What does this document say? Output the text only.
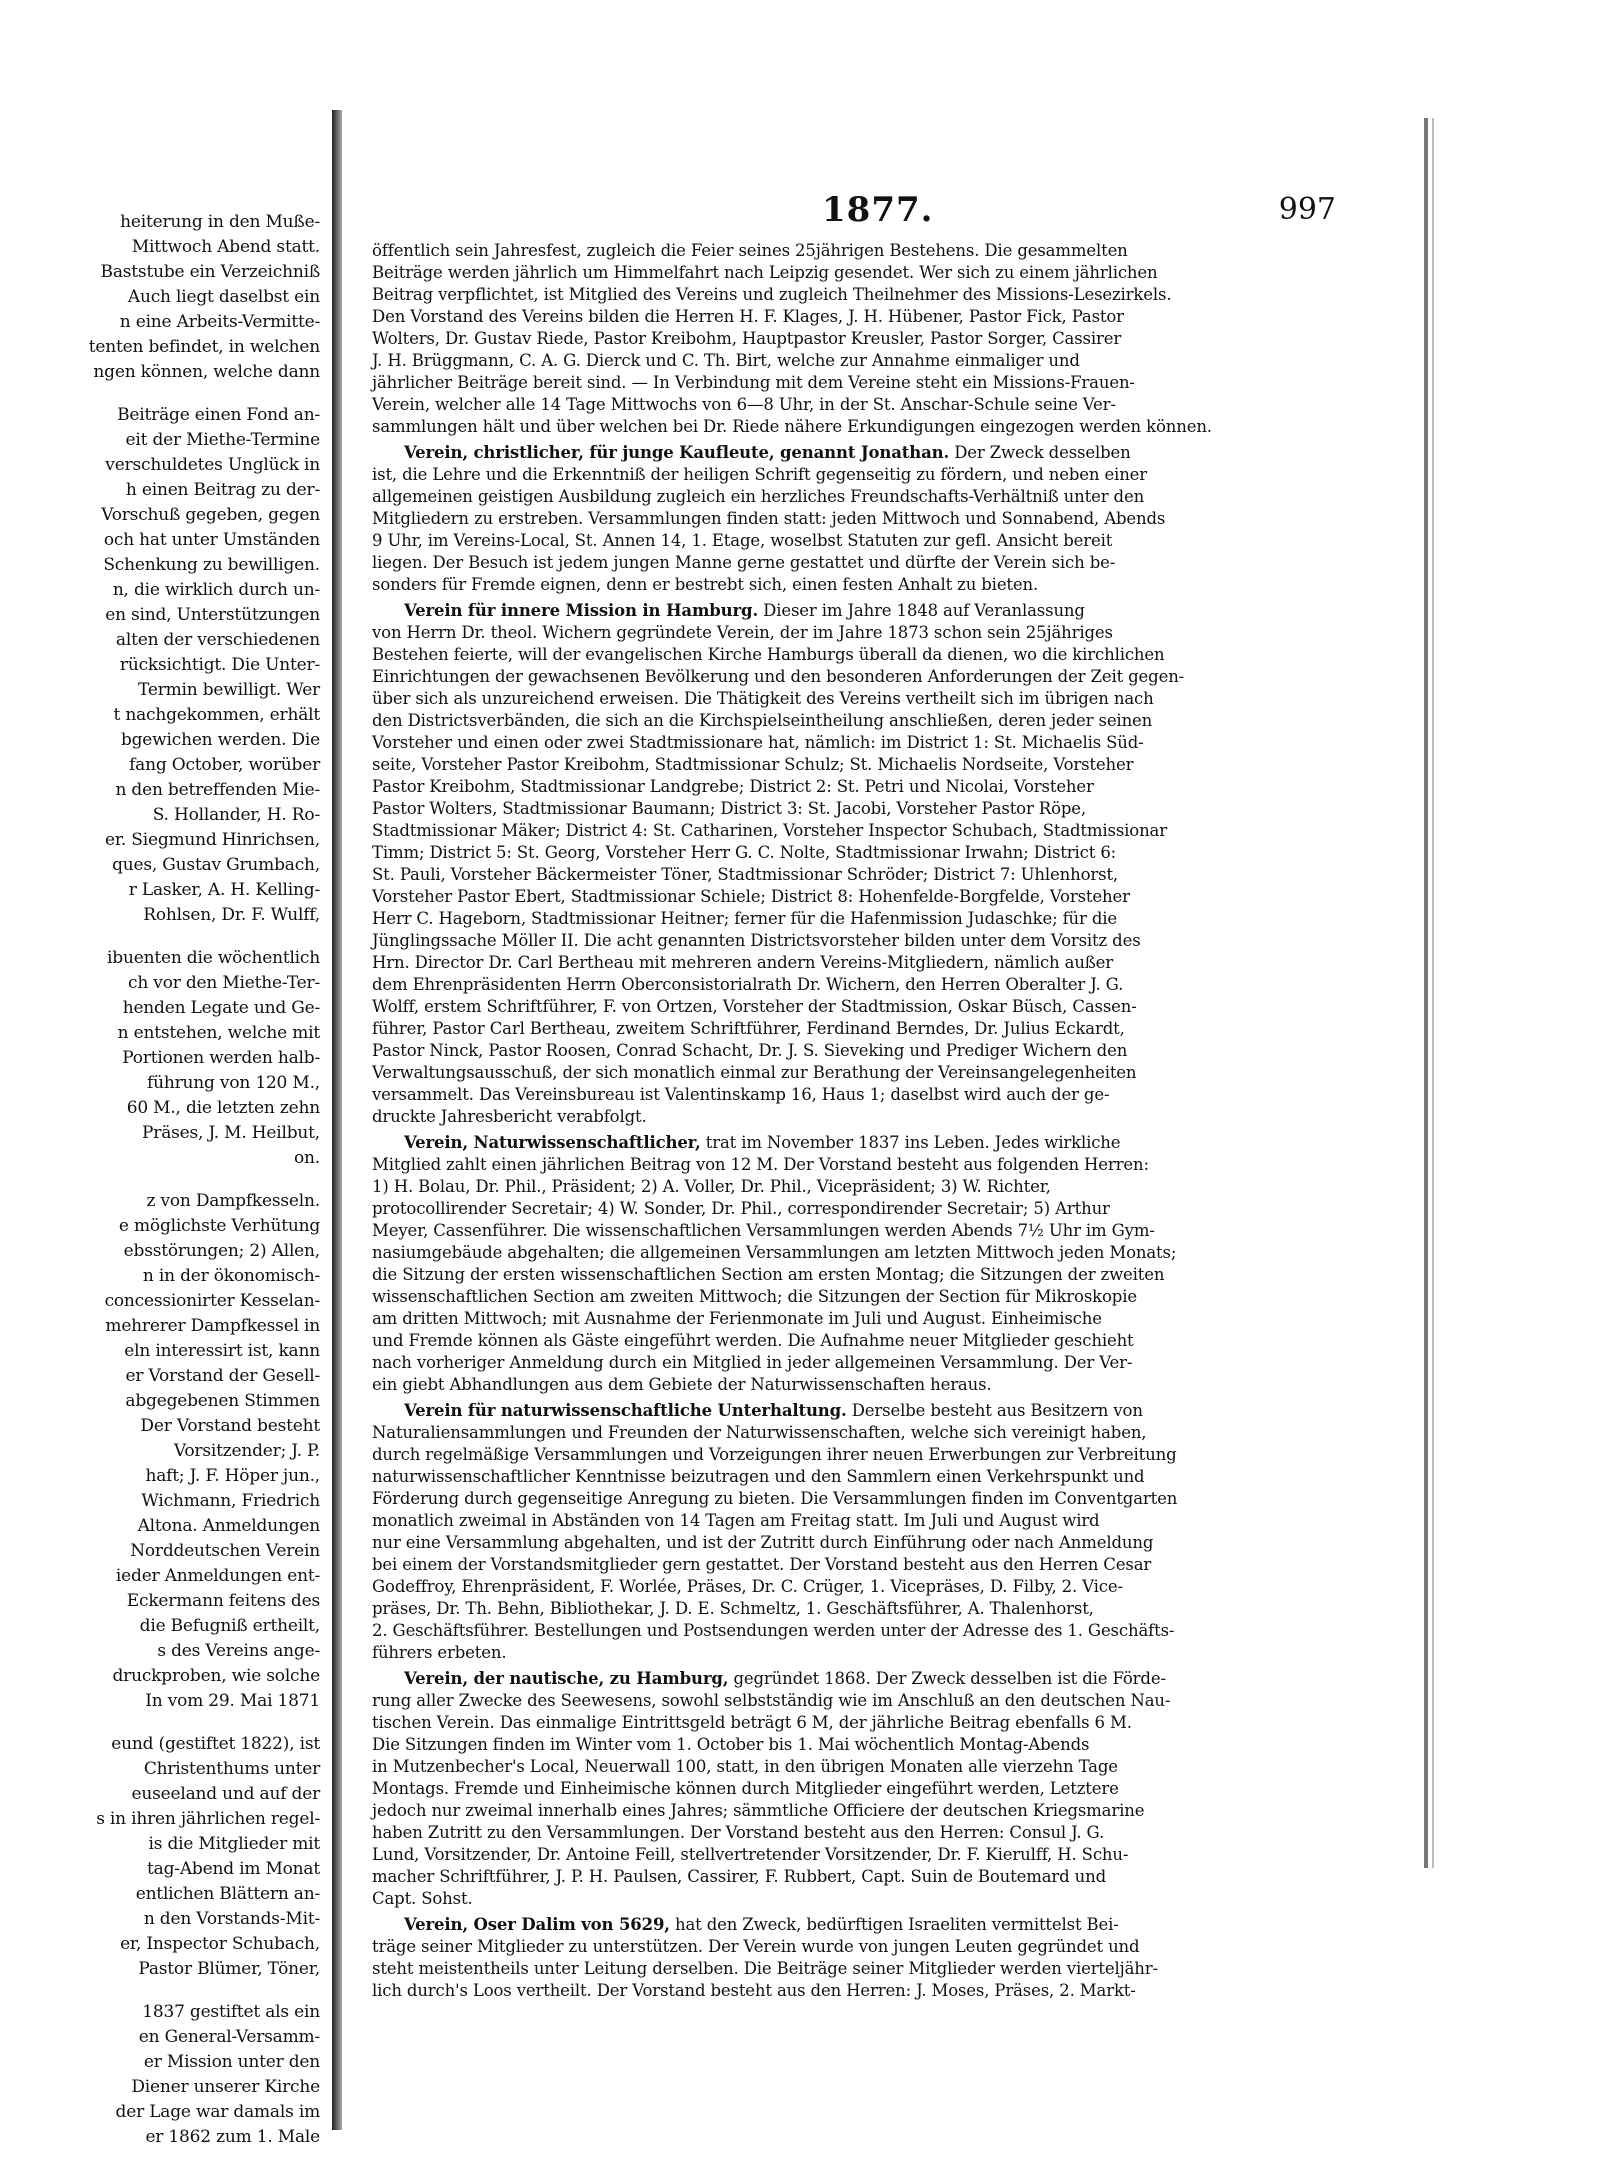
heiterung in den Muße-
Mittwoch Abend statt.
Baststube ein Verzeichniß
Auch liegt daselbst ein
n eine Arbeits-Vermitte-
tenten befindet, in welchen
ngen können, welche dann
Beiträge einen Fond an-
eit der Miethe-Termine
verschuldetes Unglück in
h einen Beitrag zu der-
Vorschuß gegeben, gegen
och hat unter Umständen
Schenkung zu bewilligen.
n, die wirklich durch un-
en sind, Unterstützungen
alten der verschiedenen
rücksichtigt. Die Unter-
Termin bewilligt. Wer
t nachgekommen, erhält
bgewichen werden. Die
fang October, worüber
n den betreffenden Mie-
S. Hollander, H. Ro-
er. Siegmund Hinrichsen,
ques, Gustav Grumbach,
r Lasker, A. H. Kelling-
Rohlsen, Dr. F. Wulff,
ibuenten die wöchentlich
ch vor den Miethe-Ter-
henden Legate und Ge-
n entstehen, welche mit
Portionen werden halb-
führung von 120 M.,
60 M., die letzten zehn
Präses, J. M. Heilbut,
on.
z von Dampfkesseln.
e möglichste Verhütung
ebsstörungen; 2) Allen,
n in der ökonomisch-
concessionirter Kesselan-
mehrerer Dampfkessel in
eln interessirt ist, kann
er Vorstand der Gesell-
abgegebenen Stimmen
Der Vorstand besteht
Vorsitzender; J. P.
haft; J. F. Höper jun.,
Wichmann, Friedrich
Altona. Anmeldungen
Norddeutschen Verein
ieder Anmeldungen ent-
Eckermann feitens des
die Befugniß ertheilt,
s des Vereins ange-
druckproben, wie solche
In vom 29. Mai 1871
eund (gestiftet 1822), ist
Christenthums unter
euseeland und auf der
s in ihren jährlichen regel-
is die Mitglieder mit
tag-Abend im Monat
entlichen Blättern an-
n den Vorstands-Mit-
er, Inspector Schubach,
Pastor Blümer, Töner,
1837 gestiftet als ein
en General-Versamm-
er Mission unter den
Diener unserer Kirche
der Lage war damals im
er 1862 zum 1. Male
1877.	997
öffentlich sein Jahresfest, zugleich die Feier seines 25jährigen Bestehens. Die gesammelten
Beiträge werden jährlich um Himmelfahrt nach Leipzig gesendet. Wer sich zu einem jährlichen
Beitrag verpflichtet, ist Mitglied des Vereins und zugleich Theilnehmer des Missions-Lesezirkels.
Den Vorstand des Vereins bilden die Herren H. F. Klages, J. H. Hübener, Pastor Fick, Pastor
Wolters, Dr. Gustav Riede, Pastor Kreibohm, Hauptpastor Kreusler, Pastor Sorger, Cassirer
J. H. Brüggmann, C. A. G. Dierck und C. Th. Birt, welche zur Annahme einmaliger und
jährlicher Beiträge bereit sind. — In Verbindung mit dem Vereine steht ein Missions-Frauen-
Verein, welcher alle 14 Tage Mittwochs von 6—8 Uhr, in der St. Anschar-Schule seine Ver-
sammlungen hält und über welchen bei Dr. Riede nähere Erkundigungen eingezogen werden können.
Verein, christlicher, für junge Kaufleute, genannt Jonathan. Der Zweck desselben
ist, die Lehre und die Erkenntniß der heiligen Schrift gegenseitig zu fördern, und neben einer
allgemeinen geistigen Ausbildung zugleich ein herzliches Freundschafts-Verhältniß unter den
Mitgliedern zu erstreben. Versammlungen finden statt: jeden Mittwoch und Sonnabend, Abends
9 Uhr, im Vereins-Local, St. Annen 14, 1. Etage, woselbst Statuten zur gefl. Ansicht bereit
liegen. Der Besuch ist jedem jungen Manne gerne gestattet und dürfte der Verein sich be-
sonders für Fremde eignen, denn er bestrebt sich, einen festen Anhalt zu bieten.
Verein für innere Mission in Hamburg. Dieser im Jahre 1848 auf Veranlassung
von Herrn Dr. theol. Wichern gegründete Verein, der im Jahre 1873 schon sein 25jähriges
Bestehen feierte, will der evangelischen Kirche Hamburgs überall da dienen, wo die kirchlichen
Einrichtungen der gewachsenen Bevölkerung und den besonderen Anforderungen der Zeit gegen-
über sich als unzureichend erweisen. Die Thätigkeit des Vereins vertheilt sich im übrigen nach
den Districtsverbänden, die sich an die Kirchspielseintheilung anschließen, deren jeder seinen
Vorsteher und einen oder zwei Stadtmissionare hat, nämlich: im District 1: St. Michaelis Süd-
seite, Vorsteher Pastor Kreibohm, Stadtmissionar Schulz; St. Michaelis Nordseite, Vorsteher
Pastor Kreibohm, Stadtmissionar Landgrebe; District 2: St. Petri und Nicolai, Vorsteher
Pastor Wolters, Stadtmissionar Baumann; District 3: St. Jacobi, Vorsteher Pastor Röpe,
Stadtmissionar Mäker; District 4: St. Catharinen, Vorsteher Inspector Schubach, Stadtmissionar
Timm; District 5: St. Georg, Vorsteher Herr G. C. Nolte, Stadtmissionar Irwahn; District 6:
St. Pauli, Vorsteher Bäckermeister Töner, Stadtmissionar Schröder; District 7: Uhlenhorst,
Vorsteher Pastor Ebert, Stadtmissionar Schiele; District 8: Hohenfelde-Borgfelde, Vorsteher
Herr C. Hageborn, Stadtmissionar Heitner; ferner für die Hafenmission Judaschke; für die
Jünglingssache Möller II. Die acht genannten Districtsvorsteher bilden unter dem Vorsitz des
Hrn. Director Dr. Carl Bertheau mit mehreren andern Vereins-Mitgliedern, nämlich außer
dem Ehrenpräsidenten Herrn Oberconsistorialrath Dr. Wichern, den Herren Oberalter J. G.
Wolff, erstem Schriftführer, F. von Ortzen, Vorsteher der Stadtmission, Oskar Büsch, Cassen-
führer, Pastor Carl Bertheau, zweitem Schriftführer, Ferdinand Berndes, Dr. Julius Eckardt,
Pastor Ninck, Pastor Roosen, Conrad Schacht, Dr. J. S. Sieveking und Prediger Wichern den
Verwaltungsausschuß, der sich monatlich einmal zur Berathung der Vereinsangelegenheiten
versammelt. Das Vereinsbureau ist Valentinskamp 16, Haus 1; daselbst wird auch der ge-
druckte Jahresbericht verabfolgt.
Verein, Naturwissenschaftlicher, trat im November 1837 ins Leben. Jedes wirkliche
Mitglied zahlt einen jährlichen Beitrag von 12 M. Der Vorstand besteht aus folgenden Herren:
1) H. Bolau, Dr. Phil., Präsident; 2) A. Voller, Dr. Phil., Vicepräsident; 3) W. Richter,
protocollirender Secretair; 4) W. Sonder, Dr. Phil., correspondirender Secretair; 5) Arthur
Meyer, Cassenführer. Die wissenschaftlichen Versammlungen werden Abends 7½ Uhr im Gym-
nasiumgebäude abgehalten; die allgemeinen Versammlungen am letzten Mittwoch jeden Monats;
die Sitzung der ersten wissenschaftlichen Section am ersten Montag; die Sitzungen der zweiten
wissenschaftlichen Section am zweiten Mittwoch; die Sitzungen der Section für Mikroskopie
am dritten Mittwoch; mit Ausnahme der Ferienmonate im Juli und August. Einheimische
und Fremde können als Gäste eingeführt werden. Die Aufnahme neuer Mitglieder geschieht
nach vorheriger Anmeldung durch ein Mitglied in jeder allgemeinen Versammlung. Der Ver-
ein giebt Abhandlungen aus dem Gebiete der Naturwissenschaften heraus.
Verein für naturwissenschaftliche Unterhaltung. Derselbe besteht aus Besitzern von
Naturaliensammlungen und Freunden der Naturwissenschaften, welche sich vereinigt haben,
durch regelmäßige Versammlungen und Vorzeigungen ihrer neuen Erwerbungen zur Verbreitung
naturwissenschaftlicher Kenntnisse beizutragen und den Sammlern einen Verkehrspunkt und
Förderung durch gegenseitige Anregung zu bieten. Die Versammlungen finden im Conventgarten
monatlich zweimal in Abständen von 14 Tagen am Freitag statt. Im Juli und August wird
nur eine Versammlung abgehalten, und ist der Zutritt durch Einführung oder nach Anmeldung
bei einem der Vorstandsmitglieder gern gestattet. Der Vorstand besteht aus den Herren Cesar
Godeffroy, Ehrenpräsident, F. Worlée, Präses, Dr. C. Crüger, 1. Vicepräses, D. Filby, 2. Vice-
präses, Dr. Th. Behn, Bibliothekar, J. D. E. Schmeltz, 1. Geschäftsführer, A. Thalenhorst,
2. Geschäftsführer. Bestellungen und Postsendungen werden unter der Adresse des 1. Geschäfts-
führers erbeten.
Verein, der nautische, zu Hamburg, gegründet 1868. Der Zweck desselben ist die Förde-
rung aller Zwecke des Seewesens, sowohl selbstständig wie im Anschluß an den deutschen Nau-
tischen Verein. Das einmalige Eintrittsgeld beträgt 6 M, der jährliche Beitrag ebenfalls 6 M.
Die Sitzungen finden im Winter vom 1. October bis 1. Mai wöchentlich Montag-Abends
in Mutzenbecher's Local, Neuerwall 100, statt, in den übrigen Monaten alle vierzehn Tage
Montags. Fremde und Einheimische können durch Mitglieder eingeführt werden, Letztere
jedoch nur zweimal innerhalb eines Jahres; sämmtliche Officiere der deutschen Kriegsmarine
haben Zutritt zu den Versammlungen. Der Vorstand besteht aus den Herren: Consul J. G.
Lund, Vorsitzender, Dr. Antoine Feill, stellvertretender Vorsitzender, Dr. F. Kierulff, H. Schu-
macher Schriftführer, J. P. H. Paulsen, Cassirer, F. Rubbert, Capt. Suin de Boutemard und
Capt. Sohst.
Verein, Oser Dalim von 5629, hat den Zweck, bedürftigen Israeliten vermittelst Bei-
träge seiner Mitglieder zu unterstützen. Der Verein wurde von jungen Leuten gegründet und
steht meistentheils unter Leitung derselben. Die Beiträge seiner Mitglieder werden vierteljähr-
lich durch's Loos vertheilt. Der Vorstand besteht aus den Herren: J. Moses, Präses, 2. Markt-
